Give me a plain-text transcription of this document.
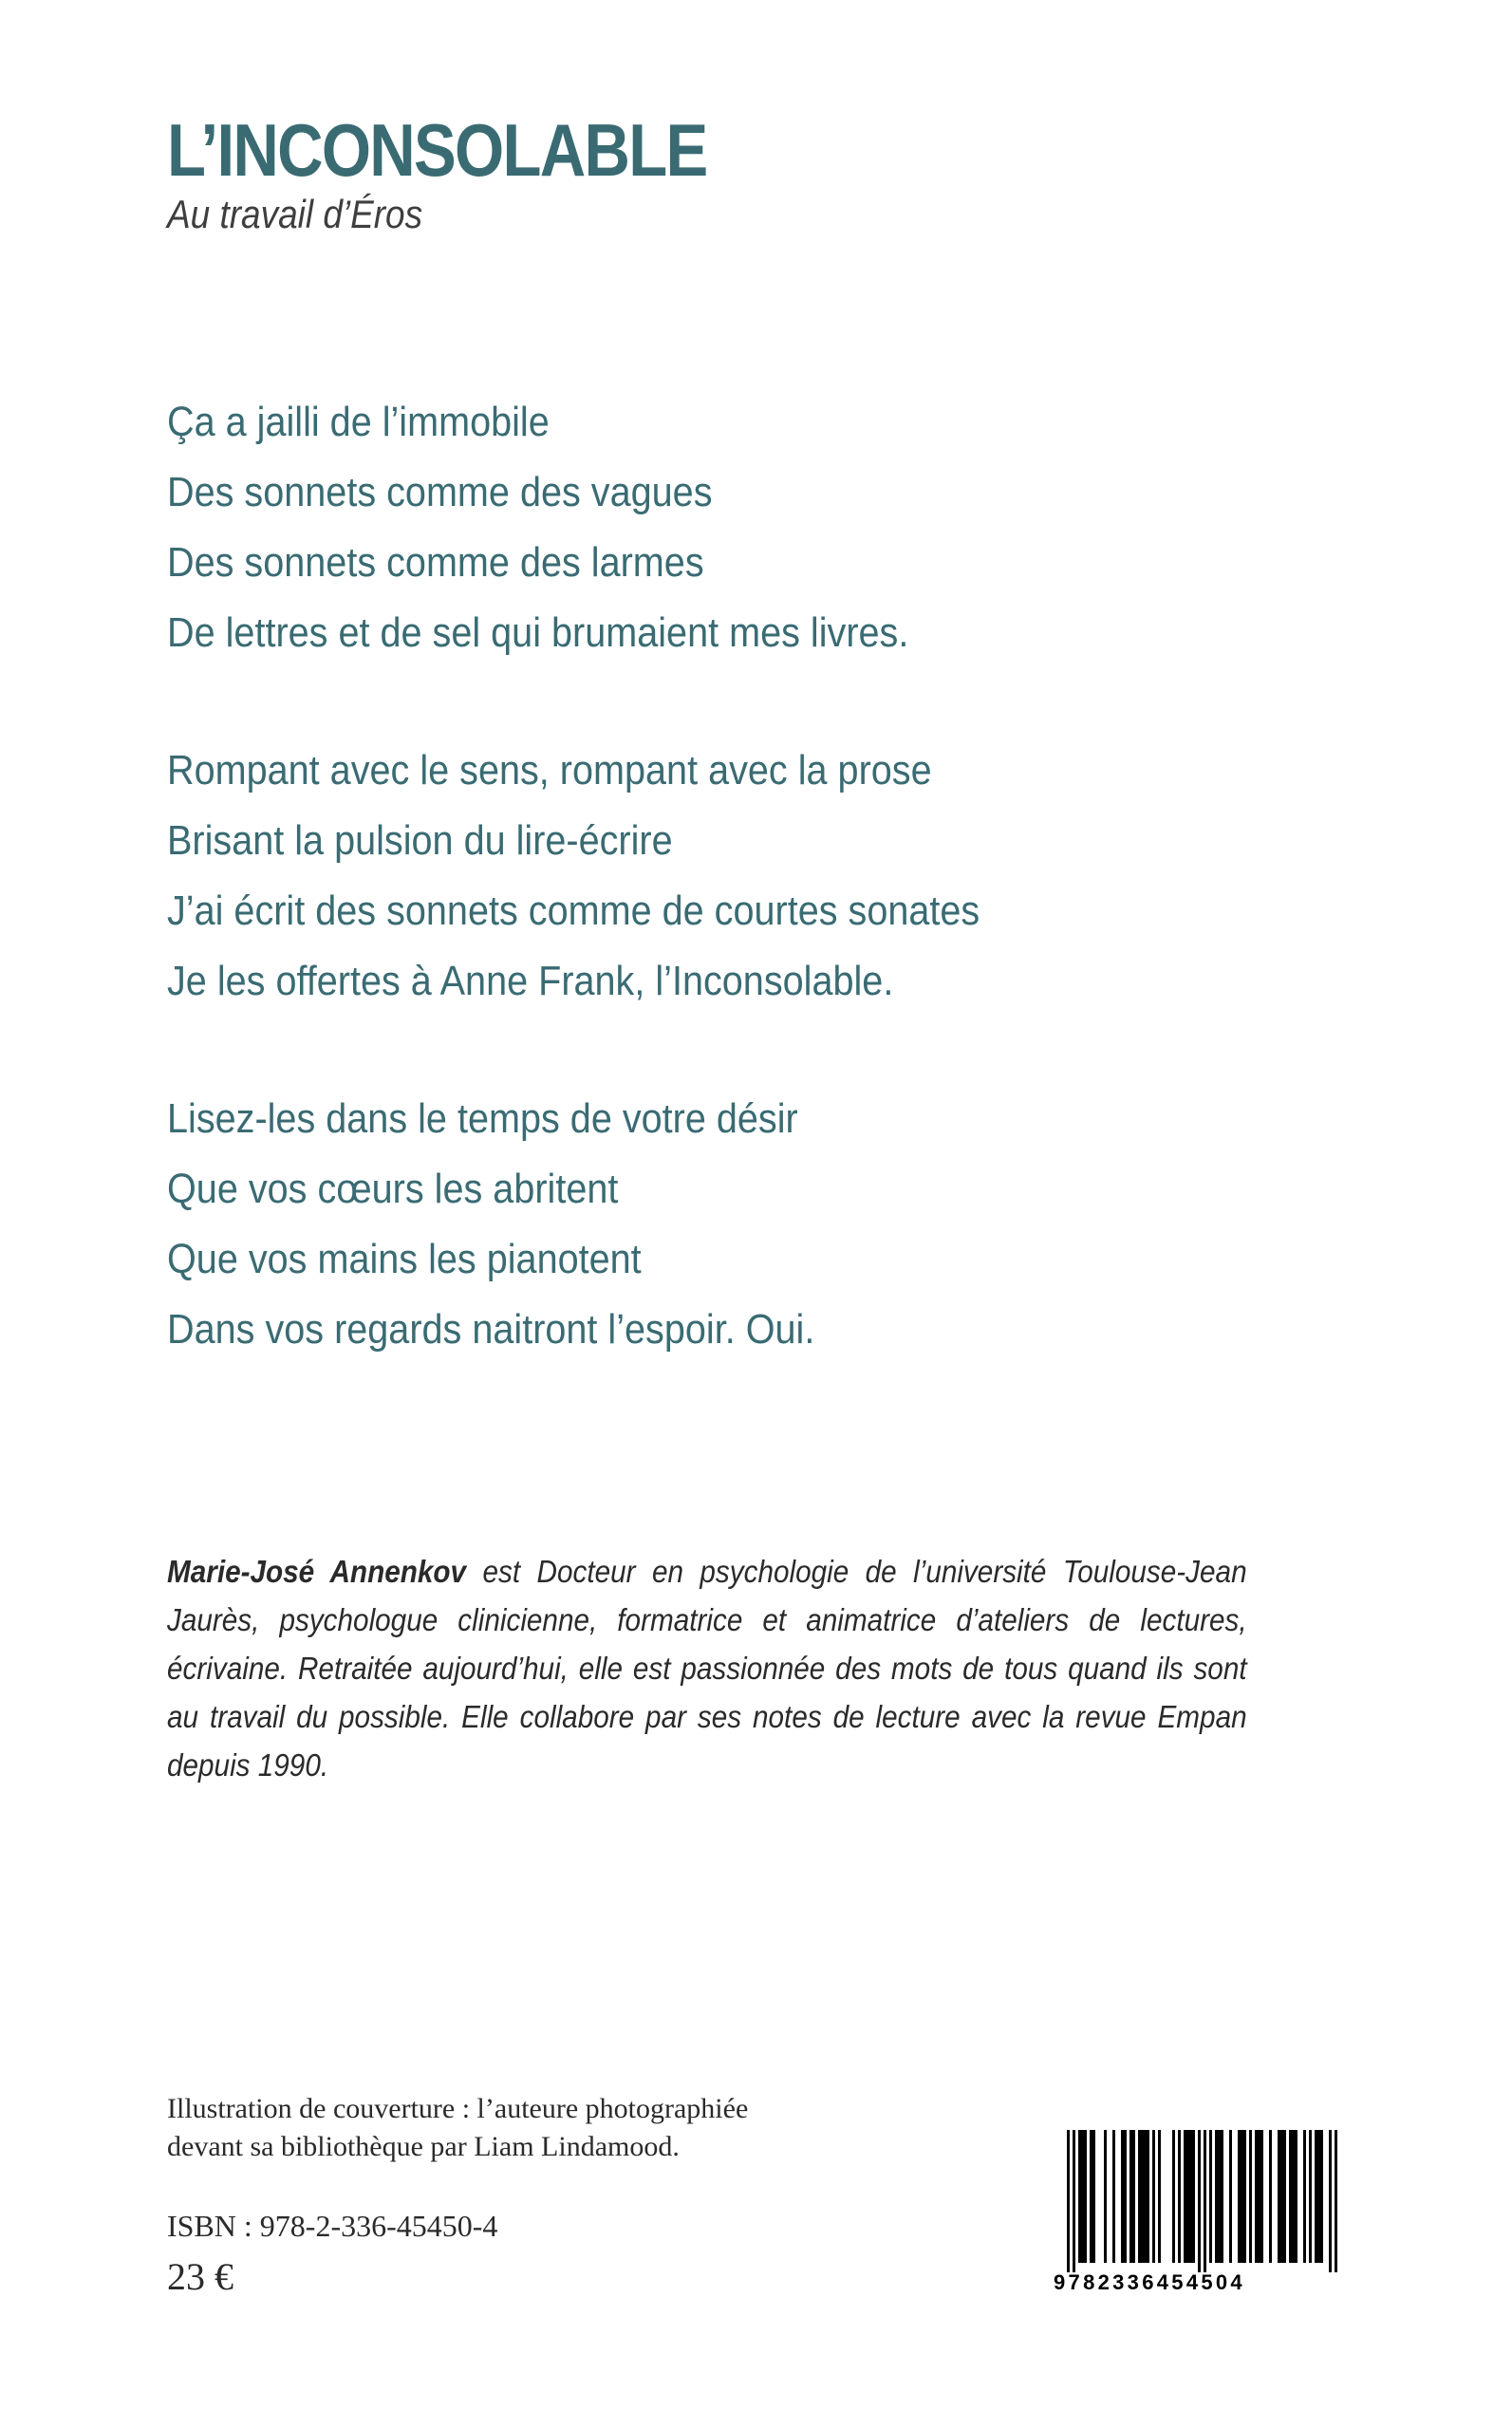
L’INCONSOLABLE
Au travail d’Éros
Ça a jailli de l’immobile
Des sonnets comme des vagues
Des sonnets comme des larmes
De lettres et de sel qui brumaient mes livres.
Rompant avec le sens, rompant avec la prose
Brisant la pulsion du lire-écrire
J’ai écrit des sonnets comme de courtes sonates
Je les offertes à Anne Frank, l’Inconsolable.
Lisez-les dans le temps de votre désir
Que vos cœurs les abritent
Que vos mains les pianotent
Dans vos regards naitront l’espoir. Oui.

Marie-José Annenkov est Docteur en psychologie de l’université Toulouse-Jean Jaurès, psychologue clinicienne, formatrice et animatrice d’ateliers de lectures, écrivaine. Retraitée aujourd’hui, elle est passionnée des mots de tous quand ils sont au travail du possible. Elle collabore par ses notes de lecture avec la revue Empan depuis 1990.

Illustration de couverture : l’auteure photographiée
devant sa bibliothèque par Liam Lindamood.
ISBN : 978-2-336-45450-4
23 €	9782336454504
